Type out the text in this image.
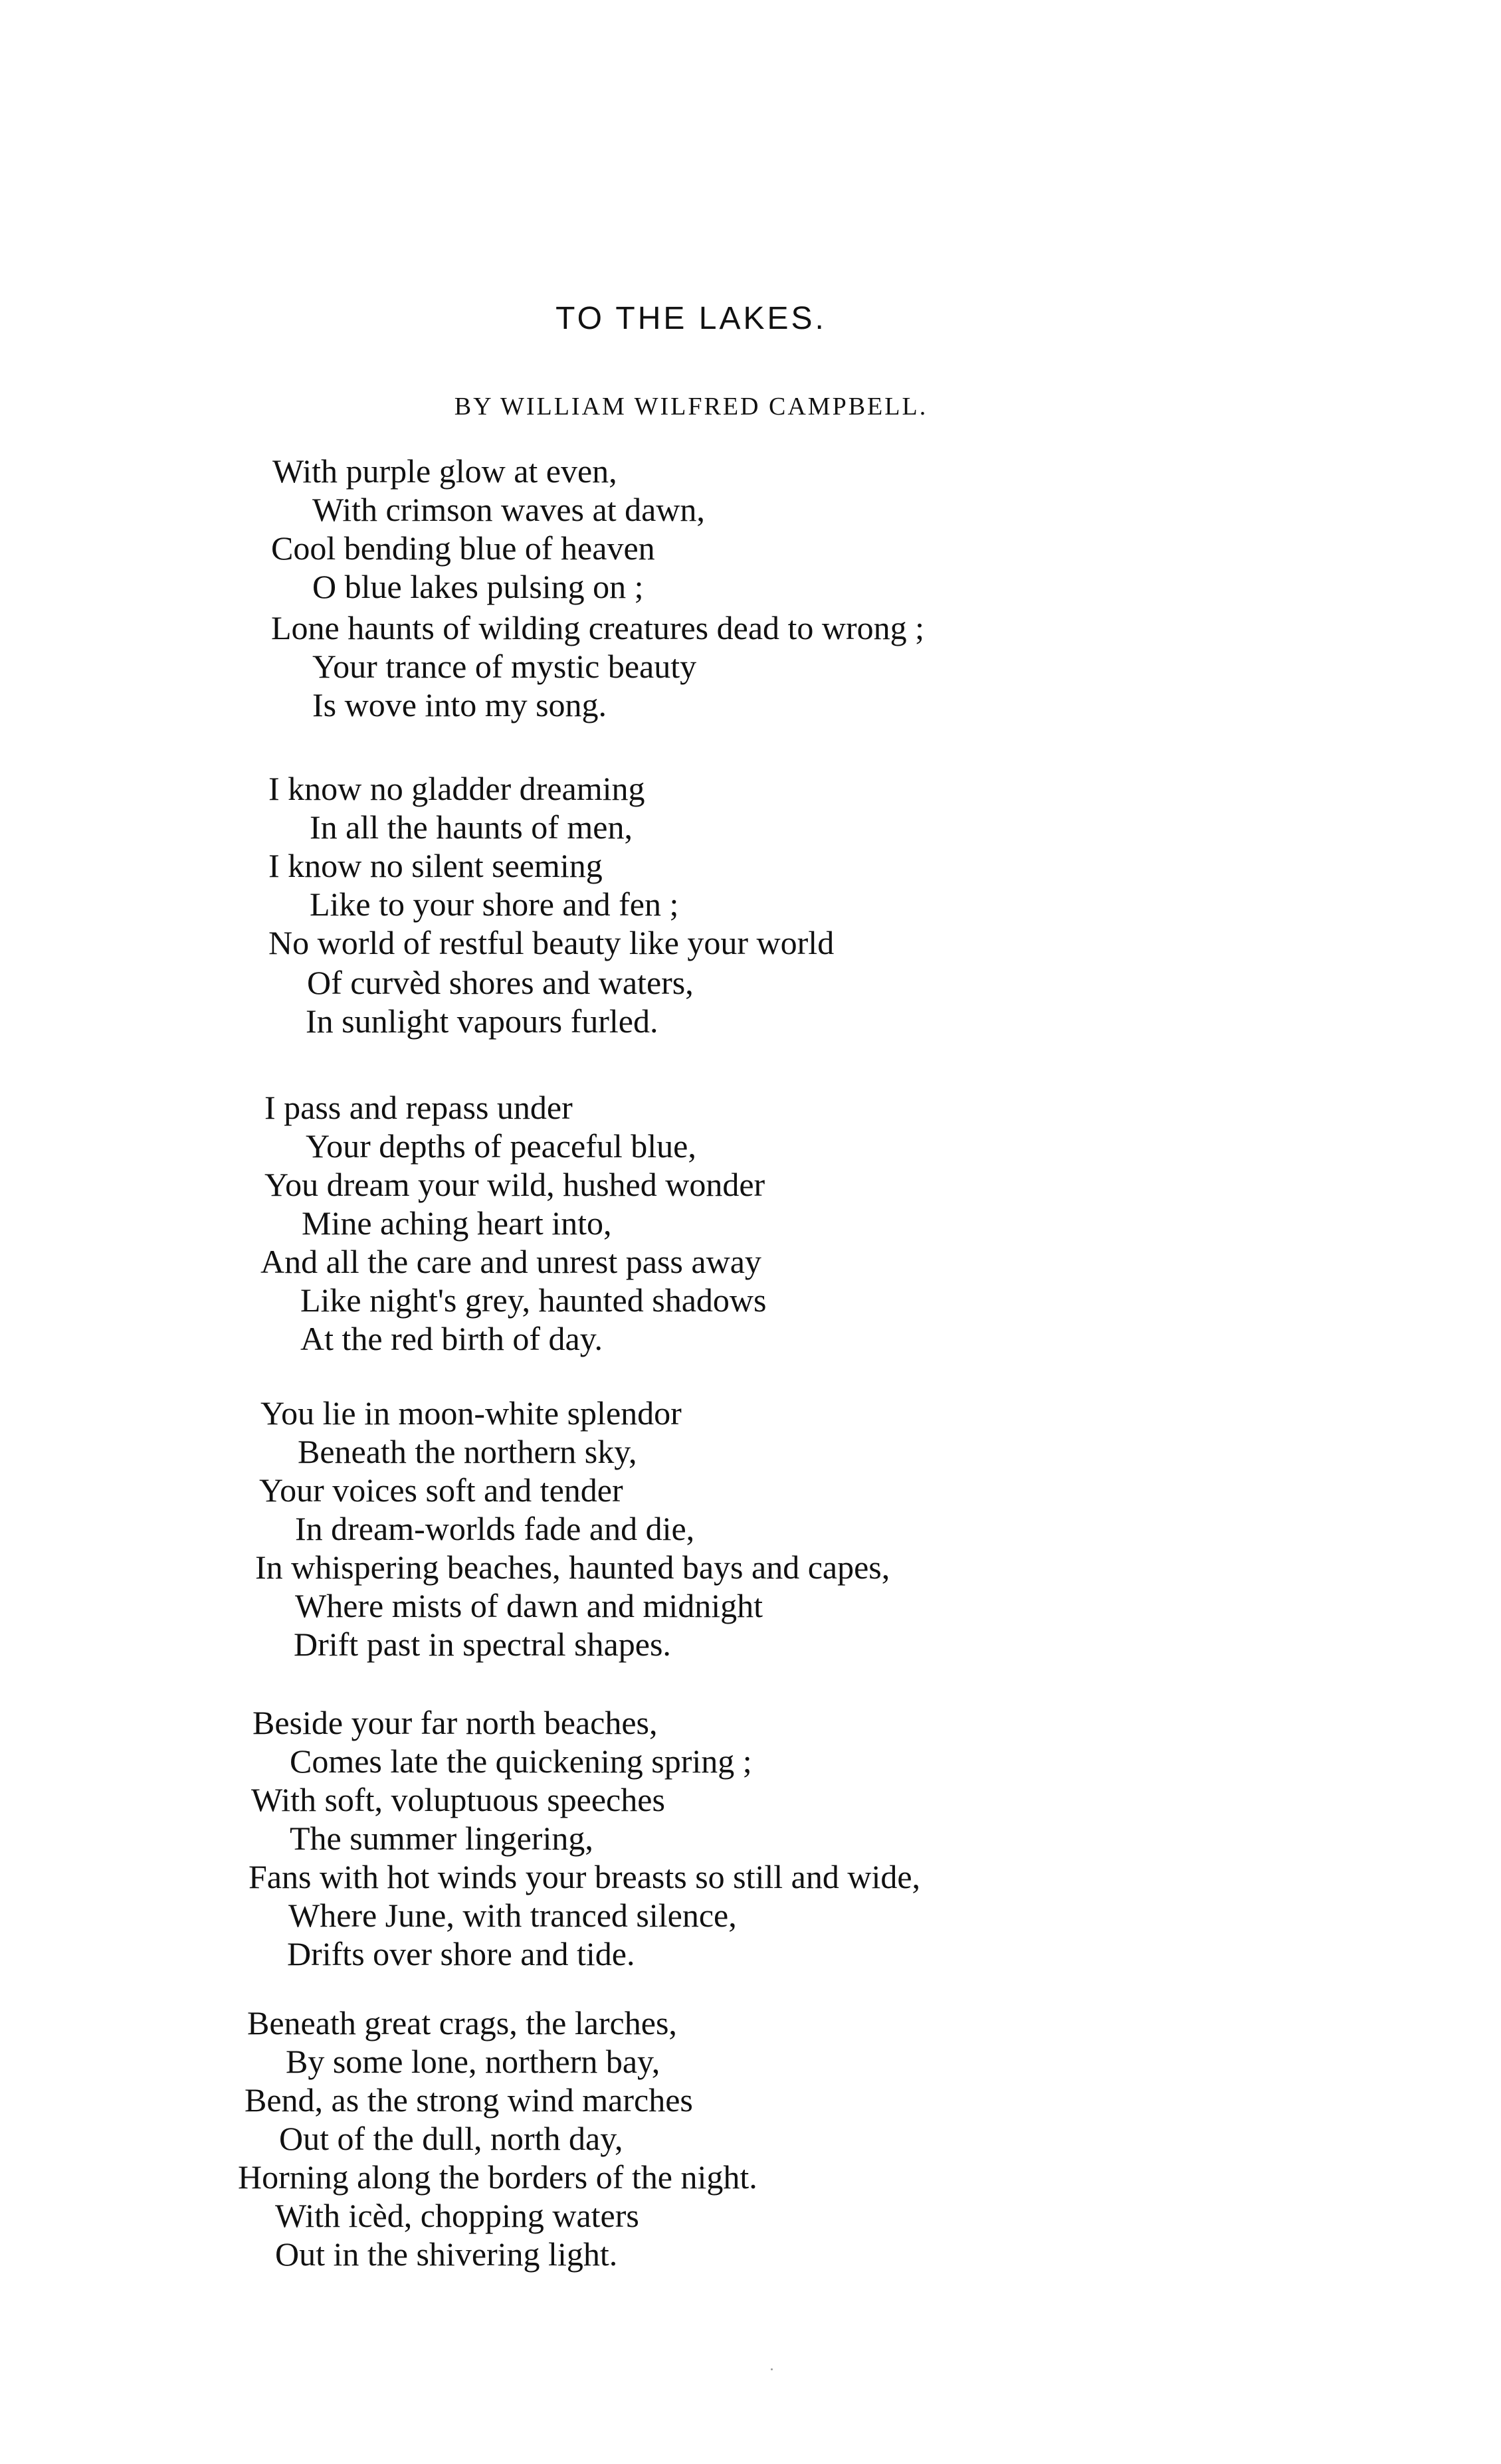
TO THE LAKES.
BY WILLIAM WILFRED CAMPBELL.
With purple glow at even,
With crimson waves at dawn,
Cool bending blue of heaven
O blue lakes pulsing on ;
Lone haunts of wilding creatures dead to wrong ;
Your trance of mystic beauty
Is wove into my song.
I know no gladder dreaming
In all the haunts of men,
I know no silent seeming
Like to your shore and fen ;
No world of restful beauty like your world
Of curvèd shores and waters,
In sunlight vapours furled.
I pass and repass under
Your depths of peaceful blue,
You dream your wild, hushed wonder
Mine aching heart into,
And all the care and unrest pass away
Like night's grey, haunted shadows
At the red birth of day.
You lie in moon-white splendor
Beneath the northern sky,
Your voices soft and tender
In dream-worlds fade and die,
In whispering beaches, haunted bays and capes,
Where mists of dawn and midnight
Drift past in spectral shapes.
Beside your far north beaches,
Comes late the quickening spring ;
With soft, voluptuous speeches
The summer lingering,
Fans with hot winds your breasts so still and wide,
Where June, with tranced silence,
Drifts over shore and tide.
Beneath great crags, the larches,
By some lone, northern bay,
Bend, as the strong wind marches
Out of the dull, north day,
Horning along the borders of the night.
With icèd, chopping waters
Out in the shivering light.
